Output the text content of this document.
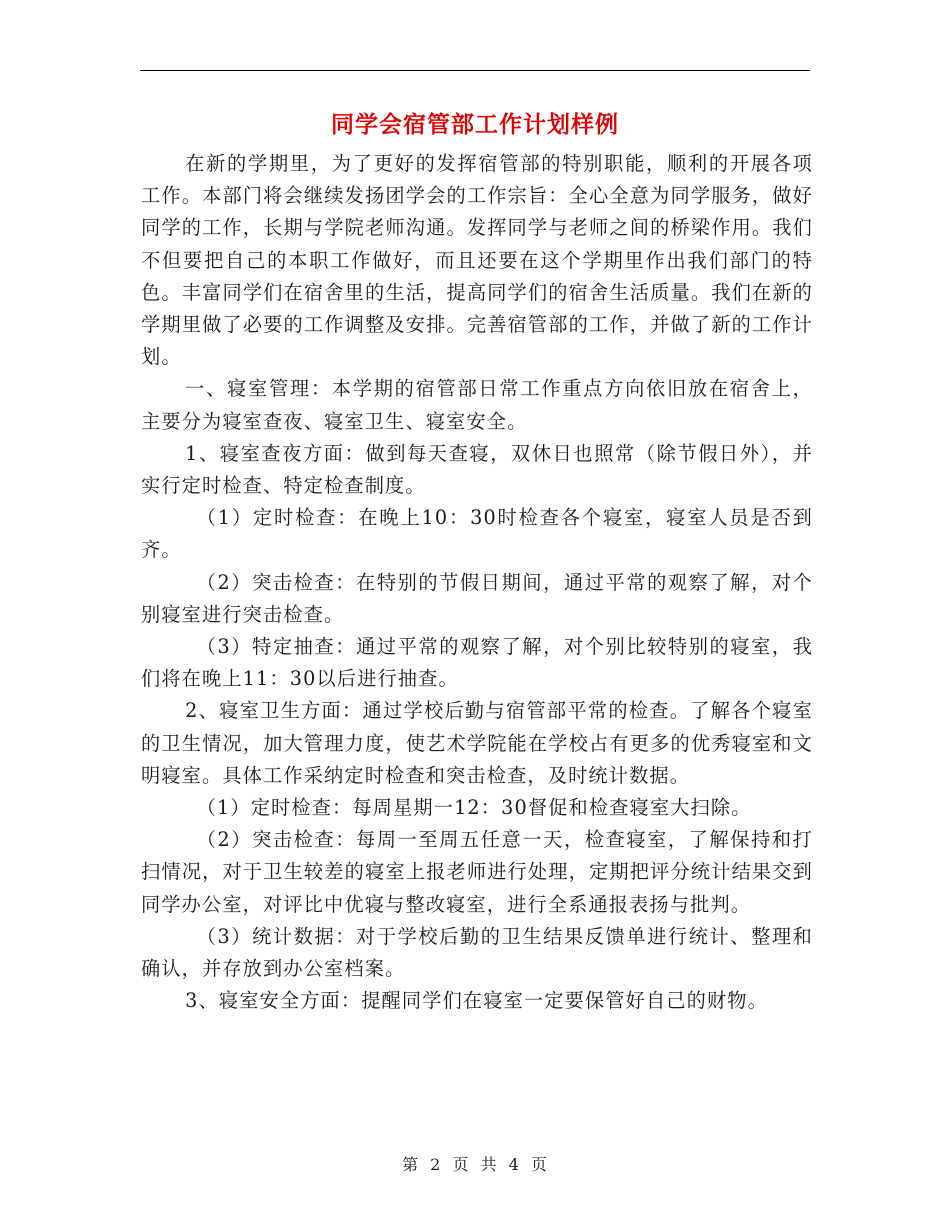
同学会宿管部工作计划样例

在新的学期里，为了更好的发挥宿管部的特别职能，顺利的开展各项工作。本部门将会继续发扬团学会的工作宗旨：全心全意为同学服务，做好同学的工作，长期与学院老师沟通。发挥同学与老师之间的桥梁作用。我们不但要把自己的本职工作做好，而且还要在这个学期里作出我们部门的特色。丰富同学们在宿舍里的生活，提高同学们的宿舍生活质量。我们在新的学期里做了必要的工作调整及安排。完善宿管部的工作，并做了新的工作计划。

一、寝室管理：本学期的宿管部日常工作重点方向依旧放在宿舍上，主要分为寝室查夜、寝室卫生、寝室安全。

1、寝室查夜方面：做到每天查寝，双休日也照常（除节假日外），并实行定时检查、特定检查制度。

（1）定时检查：在晚上10：30时检查各个寝室，寝室人员是否到齐。

（2）突击检查：在特别的节假日期间，通过平常的观察了解，对个别寝室进行突击检查。

（3）特定抽查：通过平常的观察了解，对个别比较特别的寝室，我们将在晚上11：30以后进行抽查。

2、寝室卫生方面：通过学校后勤与宿管部平常的检查。了解各个寝室的卫生情况，加大管理力度，使艺术学院能在学校占有更多的优秀寝室和文明寝室。具体工作采纳定时检查和突击检查，及时统计数据。

（1）定时检查：每周星期一12：30督促和检查寝室大扫除。

（2）突击检查：每周一至周五任意一天，检查寝室，了解保持和打扫情况，对于卫生较差的寝室上报老师进行处理，定期把评分统计结果交到同学办公室，对评比中优寝与整改寝室，进行全系通报表扬与批判。

（3）统计数据：对于学校后勤的卫生结果反馈单进行统计、整理和确认，并存放到办公室档案。

3、寝室安全方面：提醒同学们在寝室一定要保管好自己的财物。

第 2 页 共 4 页
